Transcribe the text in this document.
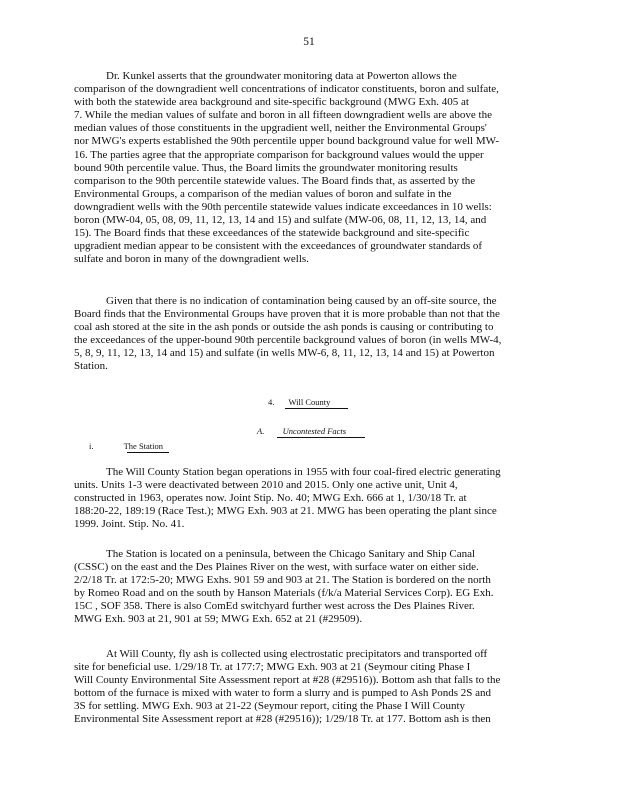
51
Dr. Kunkel asserts that the groundwater monitoring data at Powerton allows the
comparison of the downgradient well concentrations of indicator constituents, boron and sulfate,
with both the statewide area background and site-specific background (MWG Exh. 405 at
7. While the median values of sulfate and boron in all fifteen downgradient wells are above the
median values of those constituents in the upgradient well, neither the Environmental Groups'
nor MWG's experts established the 90th percentile upper bound background value for well MW-
16. The parties agree that the appropriate comparison for background values would the upper
bound 90th percentile value. Thus, the Board limits the groundwater monitoring results
comparison to the 90th percentile statewide values. The Board finds that, as asserted by the
Environmental Groups, a comparison of the median values of boron and sulfate in the
downgradient wells with the 90th percentile statewide values indicate exceedances in 10 wells:
boron (MW-04, 05, 08, 09, 11, 12, 13, 14 and 15) and sulfate (MW-06, 08, 11, 12, 13, 14, and
15). The Board finds that these exceedances of the statewide background and site-specific
upgradient median appear to be consistent with the exceedances of groundwater standards of
sulfate and boron in many of the downgradient wells.
Given that there is no indication of contamination being caused by an off-site source, the
Board finds that the Environmental Groups have proven that it is more probable than not that the
coal ash stored at the site in the ash ponds or outside the ash ponds is causing or contributing to
the exceedances of the upper-bound 90th percentile background values of boron (in wells MW-4,
5, 8, 9, 11, 12, 13, 14 and 15) and sulfate (in wells MW-6, 8, 11, 12, 13, 14 and 15) at Powerton
Station.
4. Will County
A. Uncontested Facts
i.	The Station
The Will County Station began operations in 1955 with four coal-fired electric generating
units. Units 1-3 were deactivated between 2010 and 2015. Only one active unit, Unit 4,
constructed in 1963, operates now. Joint Stip. No. 40; MWG Exh. 666 at 1, 1/30/18 Tr. at
188:20-22, 189:19 (Race Test.); MWG Exh. 903 at 21. MWG has been operating the plant since
1999. Joint. Stip. No. 41.
The Station is located on a peninsula, between the Chicago Sanitary and Ship Canal
(CSSC) on the east and the Des Plaines River on the west, with surface water on either side.
2/2/18 Tr. at 172:5-20; MWG Exhs. 901 59 and 903 at 21. The Station is bordered on the north
by Romeo Road and on the south by Hanson Materials (f/k/a Material Services Corp). EG Exh.
15C , SOF 358. There is also ComEd switchyard further west across the Des Plaines River.
MWG Exh. 903 at 21, 901 at 59; MWG Exh. 652 at 21 (#29509).
At Will County, fly ash is collected using electrostatic precipitators and transported off
site for beneficial use. 1/29/18 Tr. at 177:7; MWG Exh. 903 at 21 (Seymour citing Phase I
Will County Environmental Site Assessment report at #28 (#29516)). Bottom ash that falls to the
bottom of the furnace is mixed with water to form a slurry and is pumped to Ash Ponds 2S and
3S for settling. MWG Exh. 903 at 21-22 (Seymour report, citing the Phase I Will County
Environmental Site Assessment report at #28 (#29516)); 1/29/18 Tr. at 177. Bottom ash is then
